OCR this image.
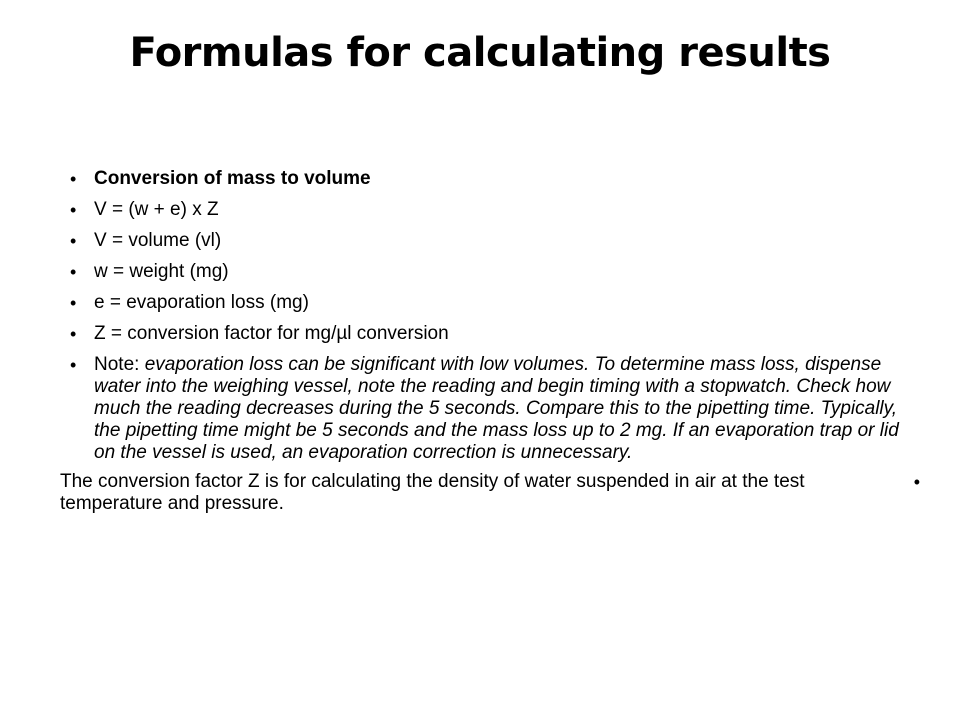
Formulas for calculating results
• Conversion of mass to volume
• V = (w + e) x Z
• V = volume (vl)
• w = weight (mg)
• e = evaporation loss (mg)
• Z = conversion factor for mg/µl conversion
• Note: evaporation loss can be significant with low volumes. To determine mass loss, dispense water into the weighing vessel, note the reading and begin timing with a stopwatch. Check how much the reading decreases during the 5 seconds. Compare this to the pipetting time. Typically, the pipetting time might be 5 seconds and the mass loss up to 2 mg. If an evaporation trap or lid on the vessel is used, an evaporation correction is unnecessary.
The conversion factor Z is for calculating the density of water suspended in air at the test temperature and pressure.
•
